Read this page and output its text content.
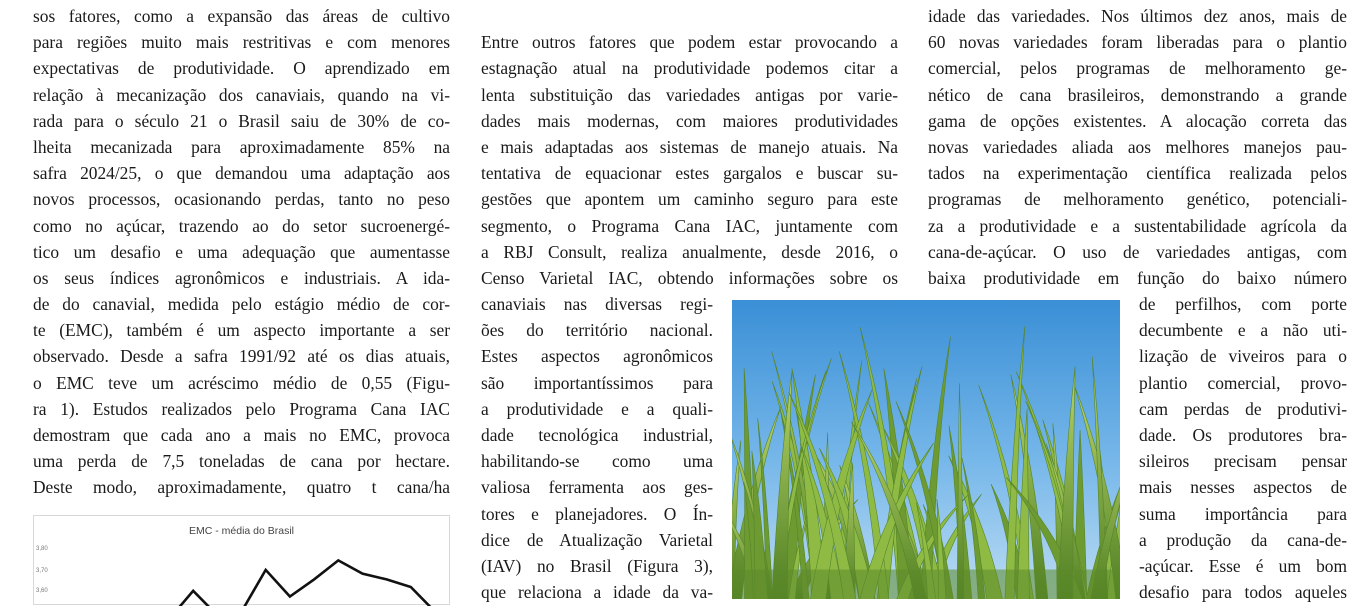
sos fatores, como a expansão das áreas de cultivo
para regiões muito mais restritivas e com menores
expectativas de produtividade. O aprendizado em
relação à mecanização dos canaviais, quando na vi-
rada para o século 21 o Brasil saiu de 30% de co-
lheita mecanizada para aproximadamente 85% na
safra 2024/25, o que demandou uma adaptação aos
novos processos, ocasionando perdas, tanto no peso
como no açúcar, trazendo ao do setor sucroenergé-
tico um desafio e uma adequação que aumentasse
os seus índices agronômicos e industriais. A ida-
de do canavial, medida pelo estágio médio de cor-
te (EMC), também é um aspecto importante a ser
observado. Desde a safra 1991/92 até os dias atuais,
o EMC teve um acréscimo médio de 0,55 (Figu-
ra 1). Estudos realizados pelo Programa Cana IAC
demostram que cada ano a mais no EMC, provoca
uma perda de 7,5 toneladas de cana por hectare.
Deste modo, aproximadamente, quatro t cana/ha
Entre outros fatores que podem estar provocando a
estagnação atual na produtividade podemos citar a
lenta substituição das variedades antigas por varie-
dades mais modernas, com maiores produtividades
e mais adaptadas aos sistemas de manejo atuais. Na
tentativa de equacionar estes gargalos e buscar su-
gestões que apontem um caminho seguro para este
segmento, o Programa Cana IAC, juntamente com
a RBJ Consult, realiza anualmente, desde 2016, o
Censo Varietal IAC, obtendo informações sobre os
canaviais nas diversas regi-
ões do território nacional.
Estes aspectos agronômicos
são importantíssimos para
a produtividade e a quali-
dade tecnológica industrial,
habilitando-se como uma
valiosa ferramenta aos ges-
tores e planejadores. O Ín-
dice de Atualização Varietal
(IAV) no Brasil (Figura 3),
que relaciona a idade da va-
idade das variedades. Nos últimos dez anos, mais de
60 novas variedades foram liberadas para o plantio
comercial, pelos programas de melhoramento ge-
nético de cana brasileiros, demonstrando a grande
gama de opções existentes. A alocação correta das
novas variedades aliada aos melhores manejos pau-
tados na experimentação científica realizada pelos
programas de melhoramento genético, potenciali-
za a produtividade e a sustentabilidade agrícola da
cana-de-açúcar. O uso de variedades antigas, com
baixa produtividade em função do baixo número
de perfilhos, com porte
decumbente e a não uti-
lização de viveiros para o
plantio comercial, provo-
cam perdas de produtivi-
dade. Os produtores bra-
sileiros precisam pensar
mais nesses aspectos de
suma importância para
a produção da cana-de-
-açúcar. Esse é um bom
desafio para todos aqueles
EMC - média do Brasil
3,80
3,70
3,60
